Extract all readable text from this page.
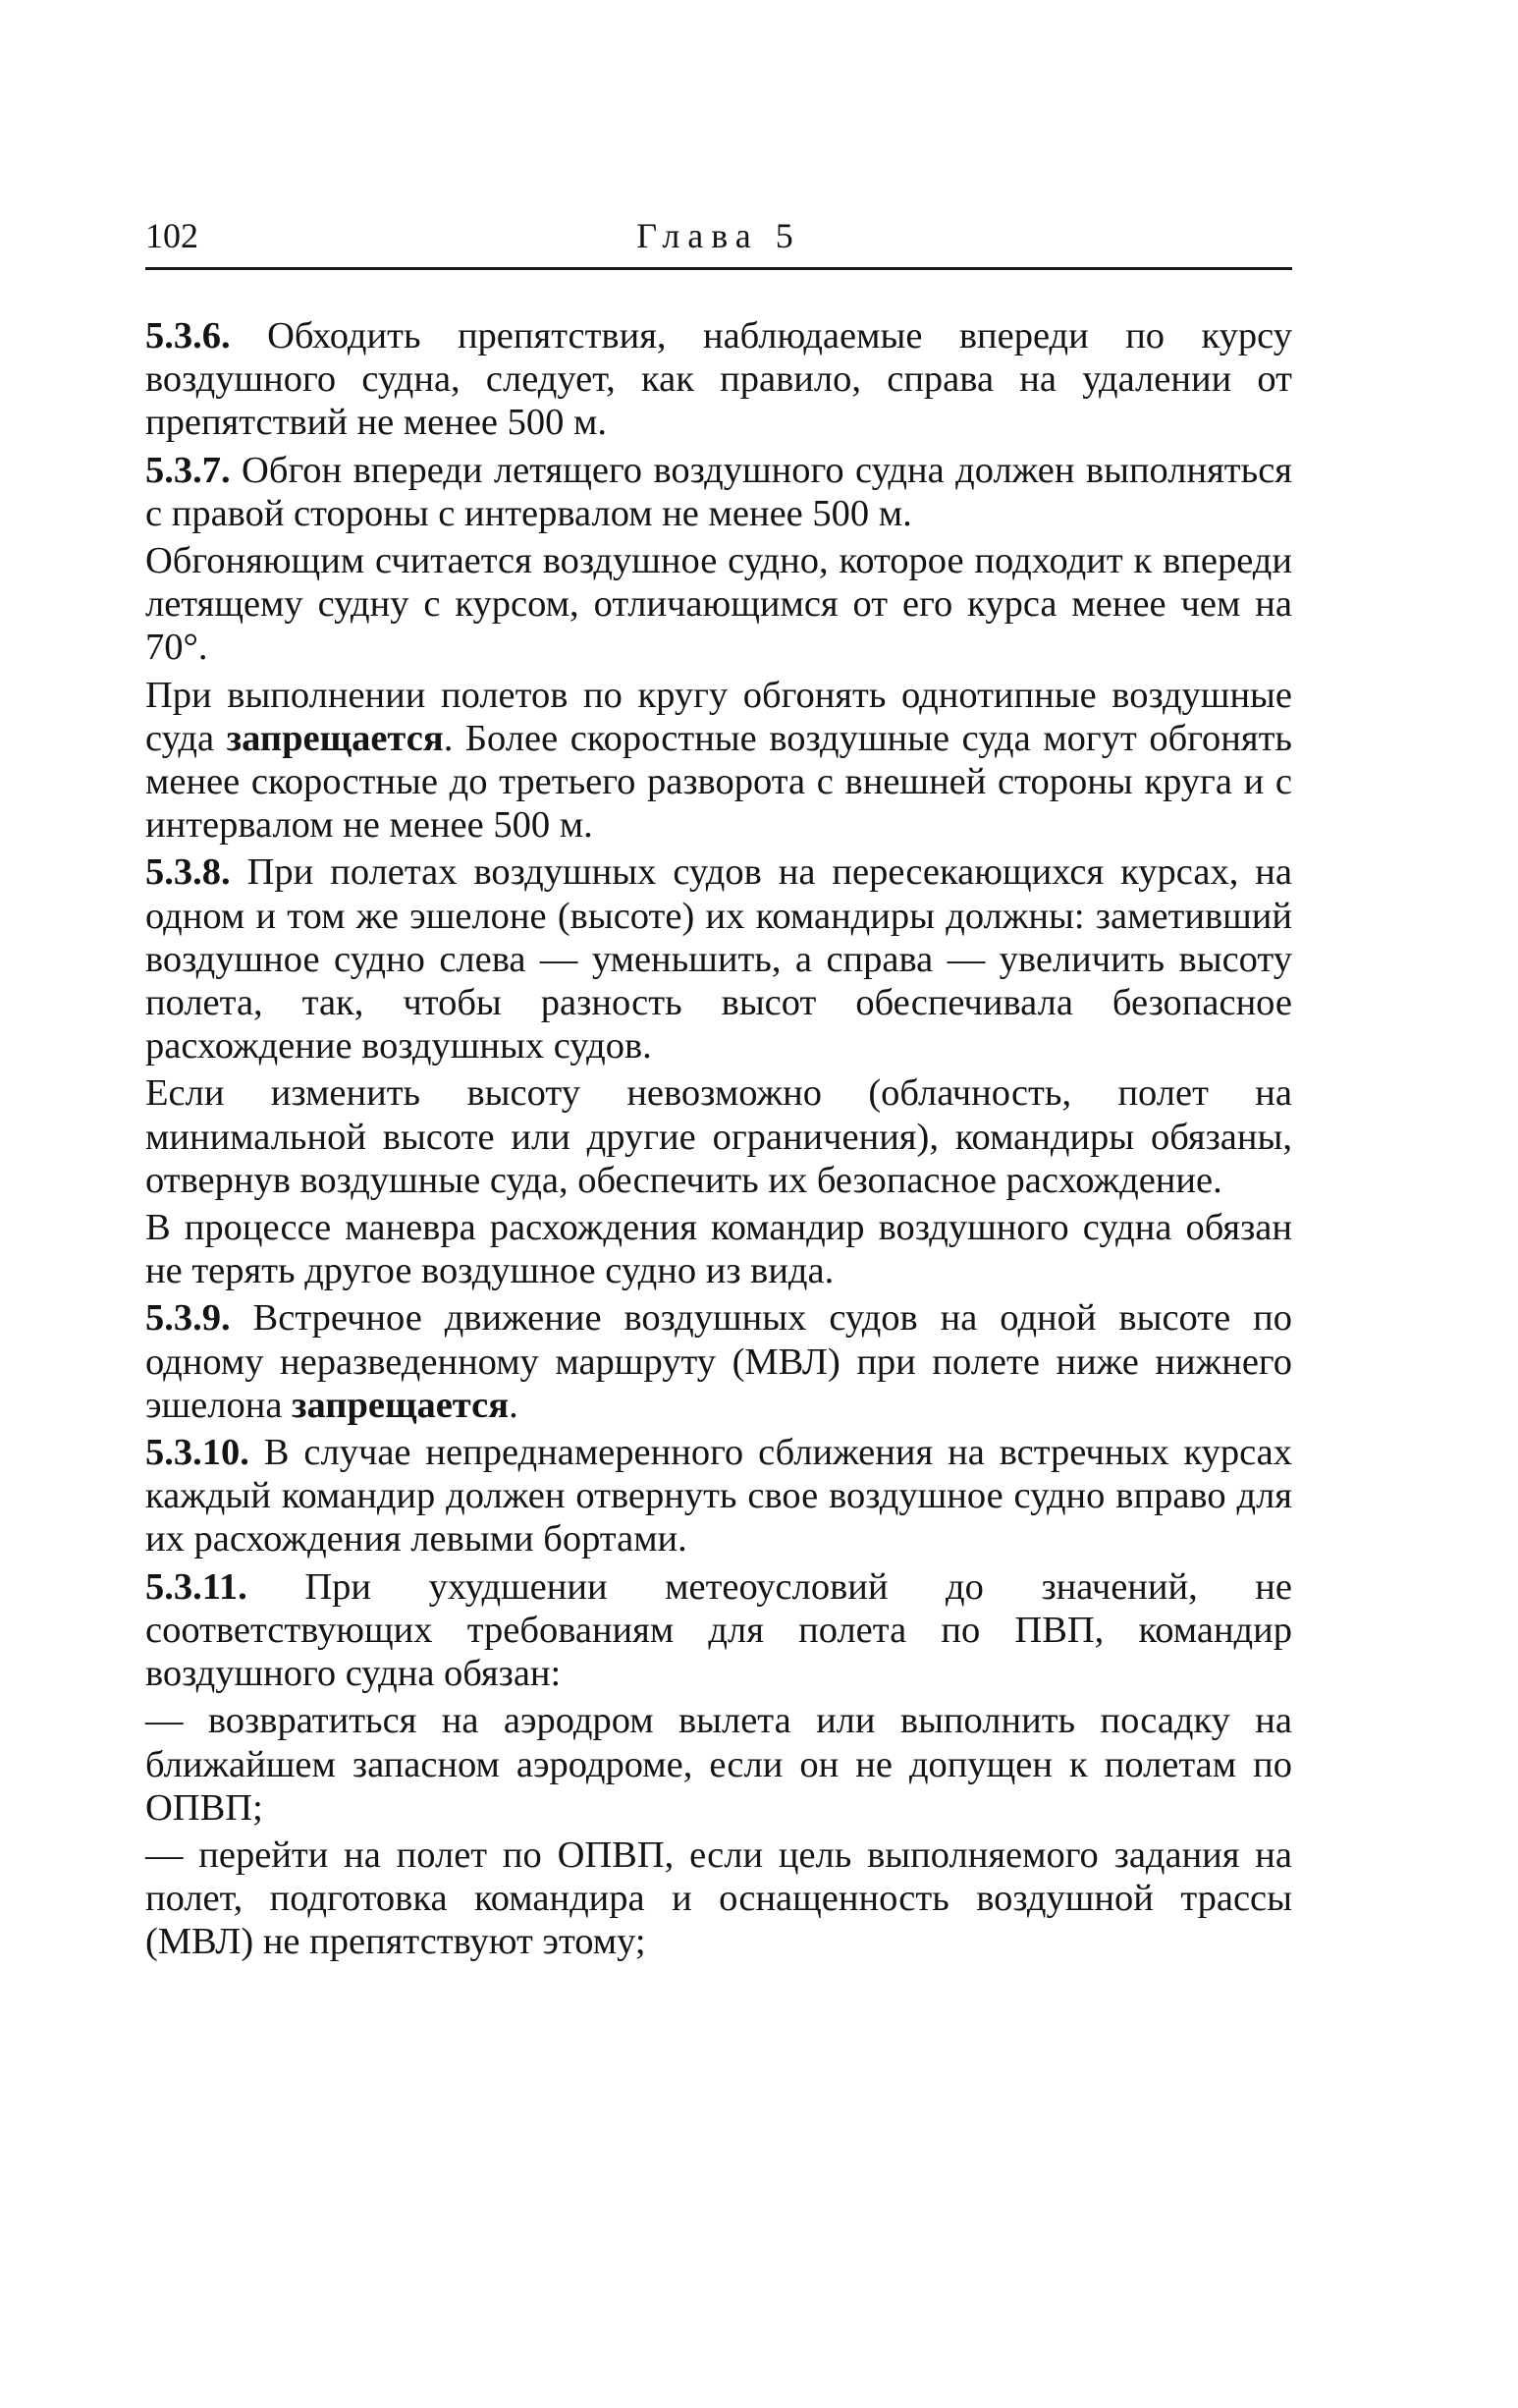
102	Глава 5

5.3.6. Обходить препятствия, наблюдаемые впереди по курсу воздушного судна, следует, как правило, справа на удалении от препятствий не менее 500 м.

5.3.7. Обгон впереди летящего воздушного судна должен выполняться с правой стороны с интервалом не менее 500 м.

Обгоняющим считается воздушное судно, которое подходит к впереди летящему судну с курсом, отличающимся от его курса менее чем на 70°.

При выполнении полетов по кругу обгонять однотипные воздушные суда запрещается. Более скоростные воздушные суда могут обгонять менее скоростные до третьего разворота с внешней стороны круга и с интервалом не менее 500 м.

5.3.8. При полетах воздушных судов на пересекающихся курсах, на одном и том же эшелоне (высоте) их командиры должны: заметивший воздушное судно слева — уменьшить, а справа — увеличить высоту полета, так, чтобы разность высот обеспечивала безопасное расхождение воздушных судов.

Если изменить высоту невозможно (облачность, полет на минимальной высоте или другие ограничения), командиры обязаны, отвернув воздушные суда, обеспечить их безопасное расхождение.

В процессе маневра расхождения командир воздушного судна обязан не терять другое воздушное судно из вида.

5.3.9. Встречное движение воздушных судов на одной высоте по одному неразведенному маршруту (МВЛ) при полете ниже нижнего эшелона запрещается.

5.3.10. В случае непреднамеренного сближения на встречных курсах каждый командир должен отвернуть свое воздушное судно вправо для их расхождения левыми бортами.

5.3.11. При ухудшении метеоусловий до значений, не соответствующих требованиям для полета по ПВП, командир воздушного судна обязан:

— возвратиться на аэродром вылета или выполнить посадку на ближайшем запасном аэродроме, если он не допущен к полетам по ОПВП;

— перейти на полет по ОПВП, если цель выполняемого задания на полет, подготовка командира и оснащенность воздушной трассы (МВЛ) не препятствуют этому;
